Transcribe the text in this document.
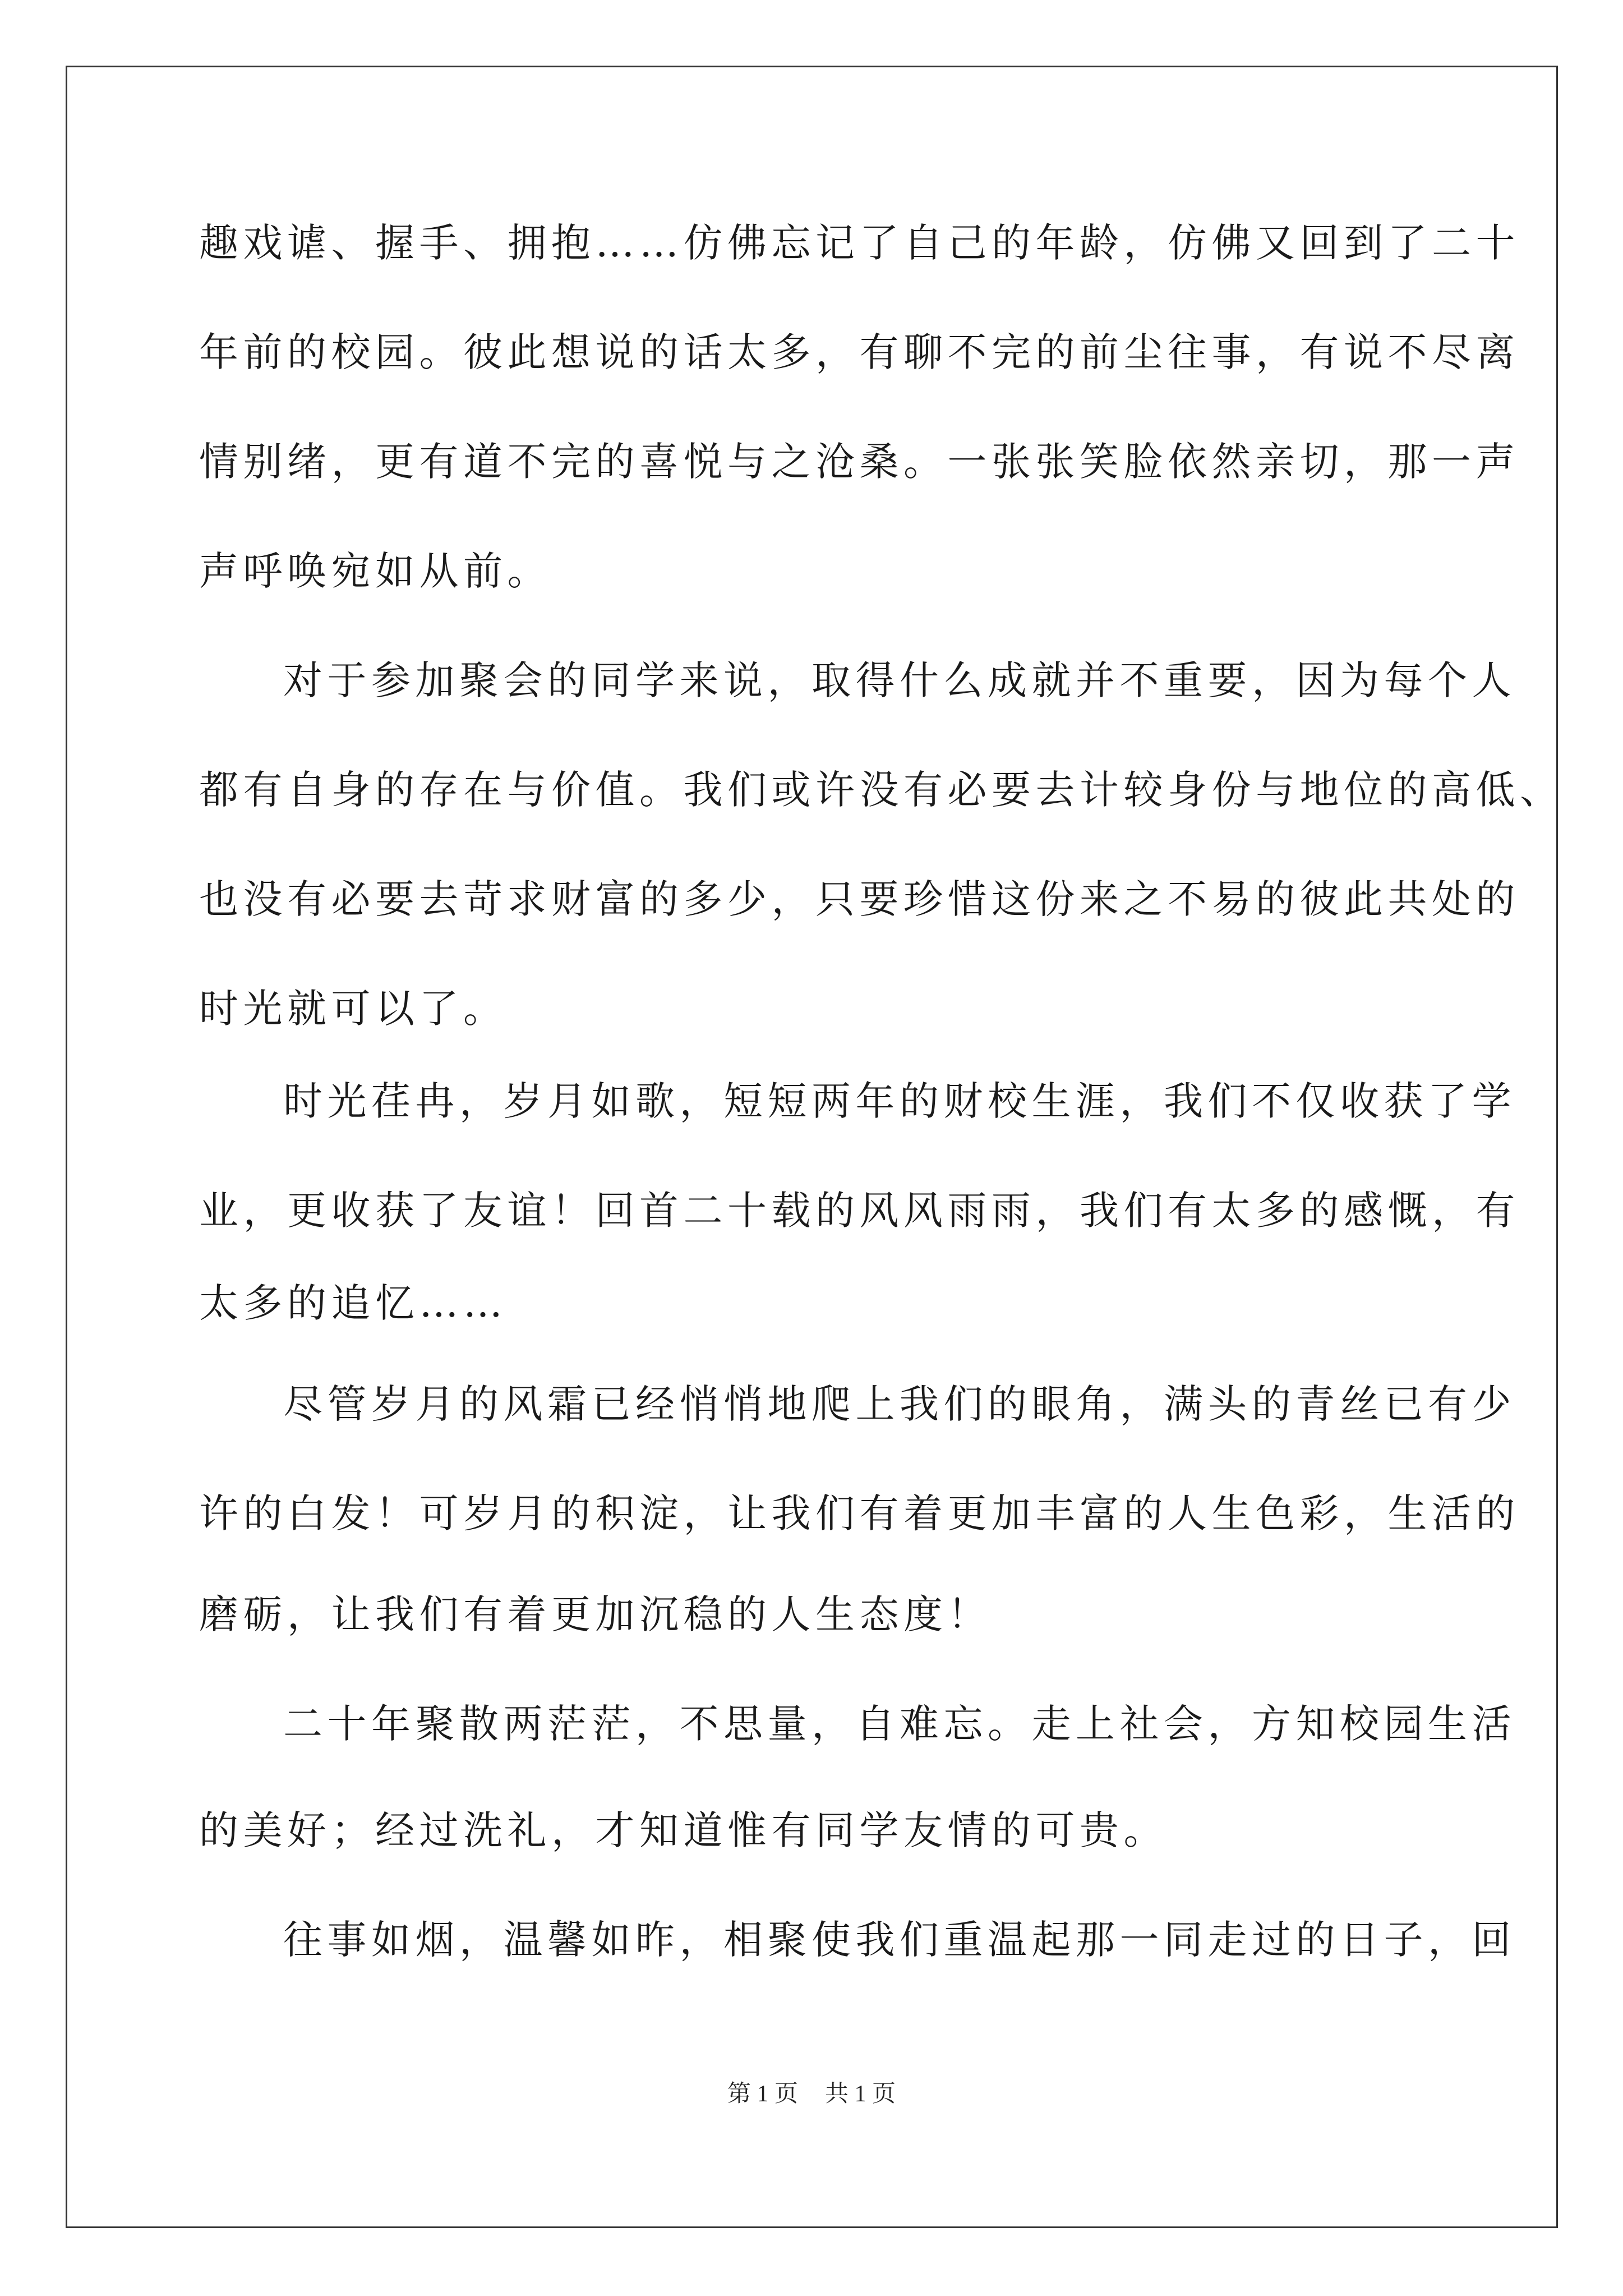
趣戏谑、握手、拥抱……仿佛忘记了自己的年龄，仿佛又回到了二十
年前的校园。彼此想说的话太多，有聊不完的前尘往事，有说不尽离
情别绪，更有道不完的喜悦与之沧桑。一张张笑脸依然亲切，那一声
声呼唤宛如从前。
对于参加聚会的同学来说，取得什么成就并不重要，因为每个人
都有自身的存在与价值。我们或许没有必要去计较身份与地位的高低、
也没有必要去苛求财富的多少，只要珍惜这份来之不易的彼此共处的
时光就可以了。
时光荏冉，岁月如歌，短短两年的财校生涯，我们不仅收获了学
业，更收获了友谊！回首二十载的风风雨雨，我们有太多的感慨，有
太多的追忆……
尽管岁月的风霜已经悄悄地爬上我们的眼角，满头的青丝已有少
许的白发！可岁月的积淀，让我们有着更加丰富的人生色彩，生活的
磨砺，让我们有着更加沉稳的人生态度！
二十年聚散两茫茫，不思量，自难忘。走上社会，方知校园生活
的美好；经过洗礼，才知道惟有同学友情的可贵。
往事如烟，温馨如昨，相聚使我们重温起那一同走过的日子，回
第 1 页 共 1 页
